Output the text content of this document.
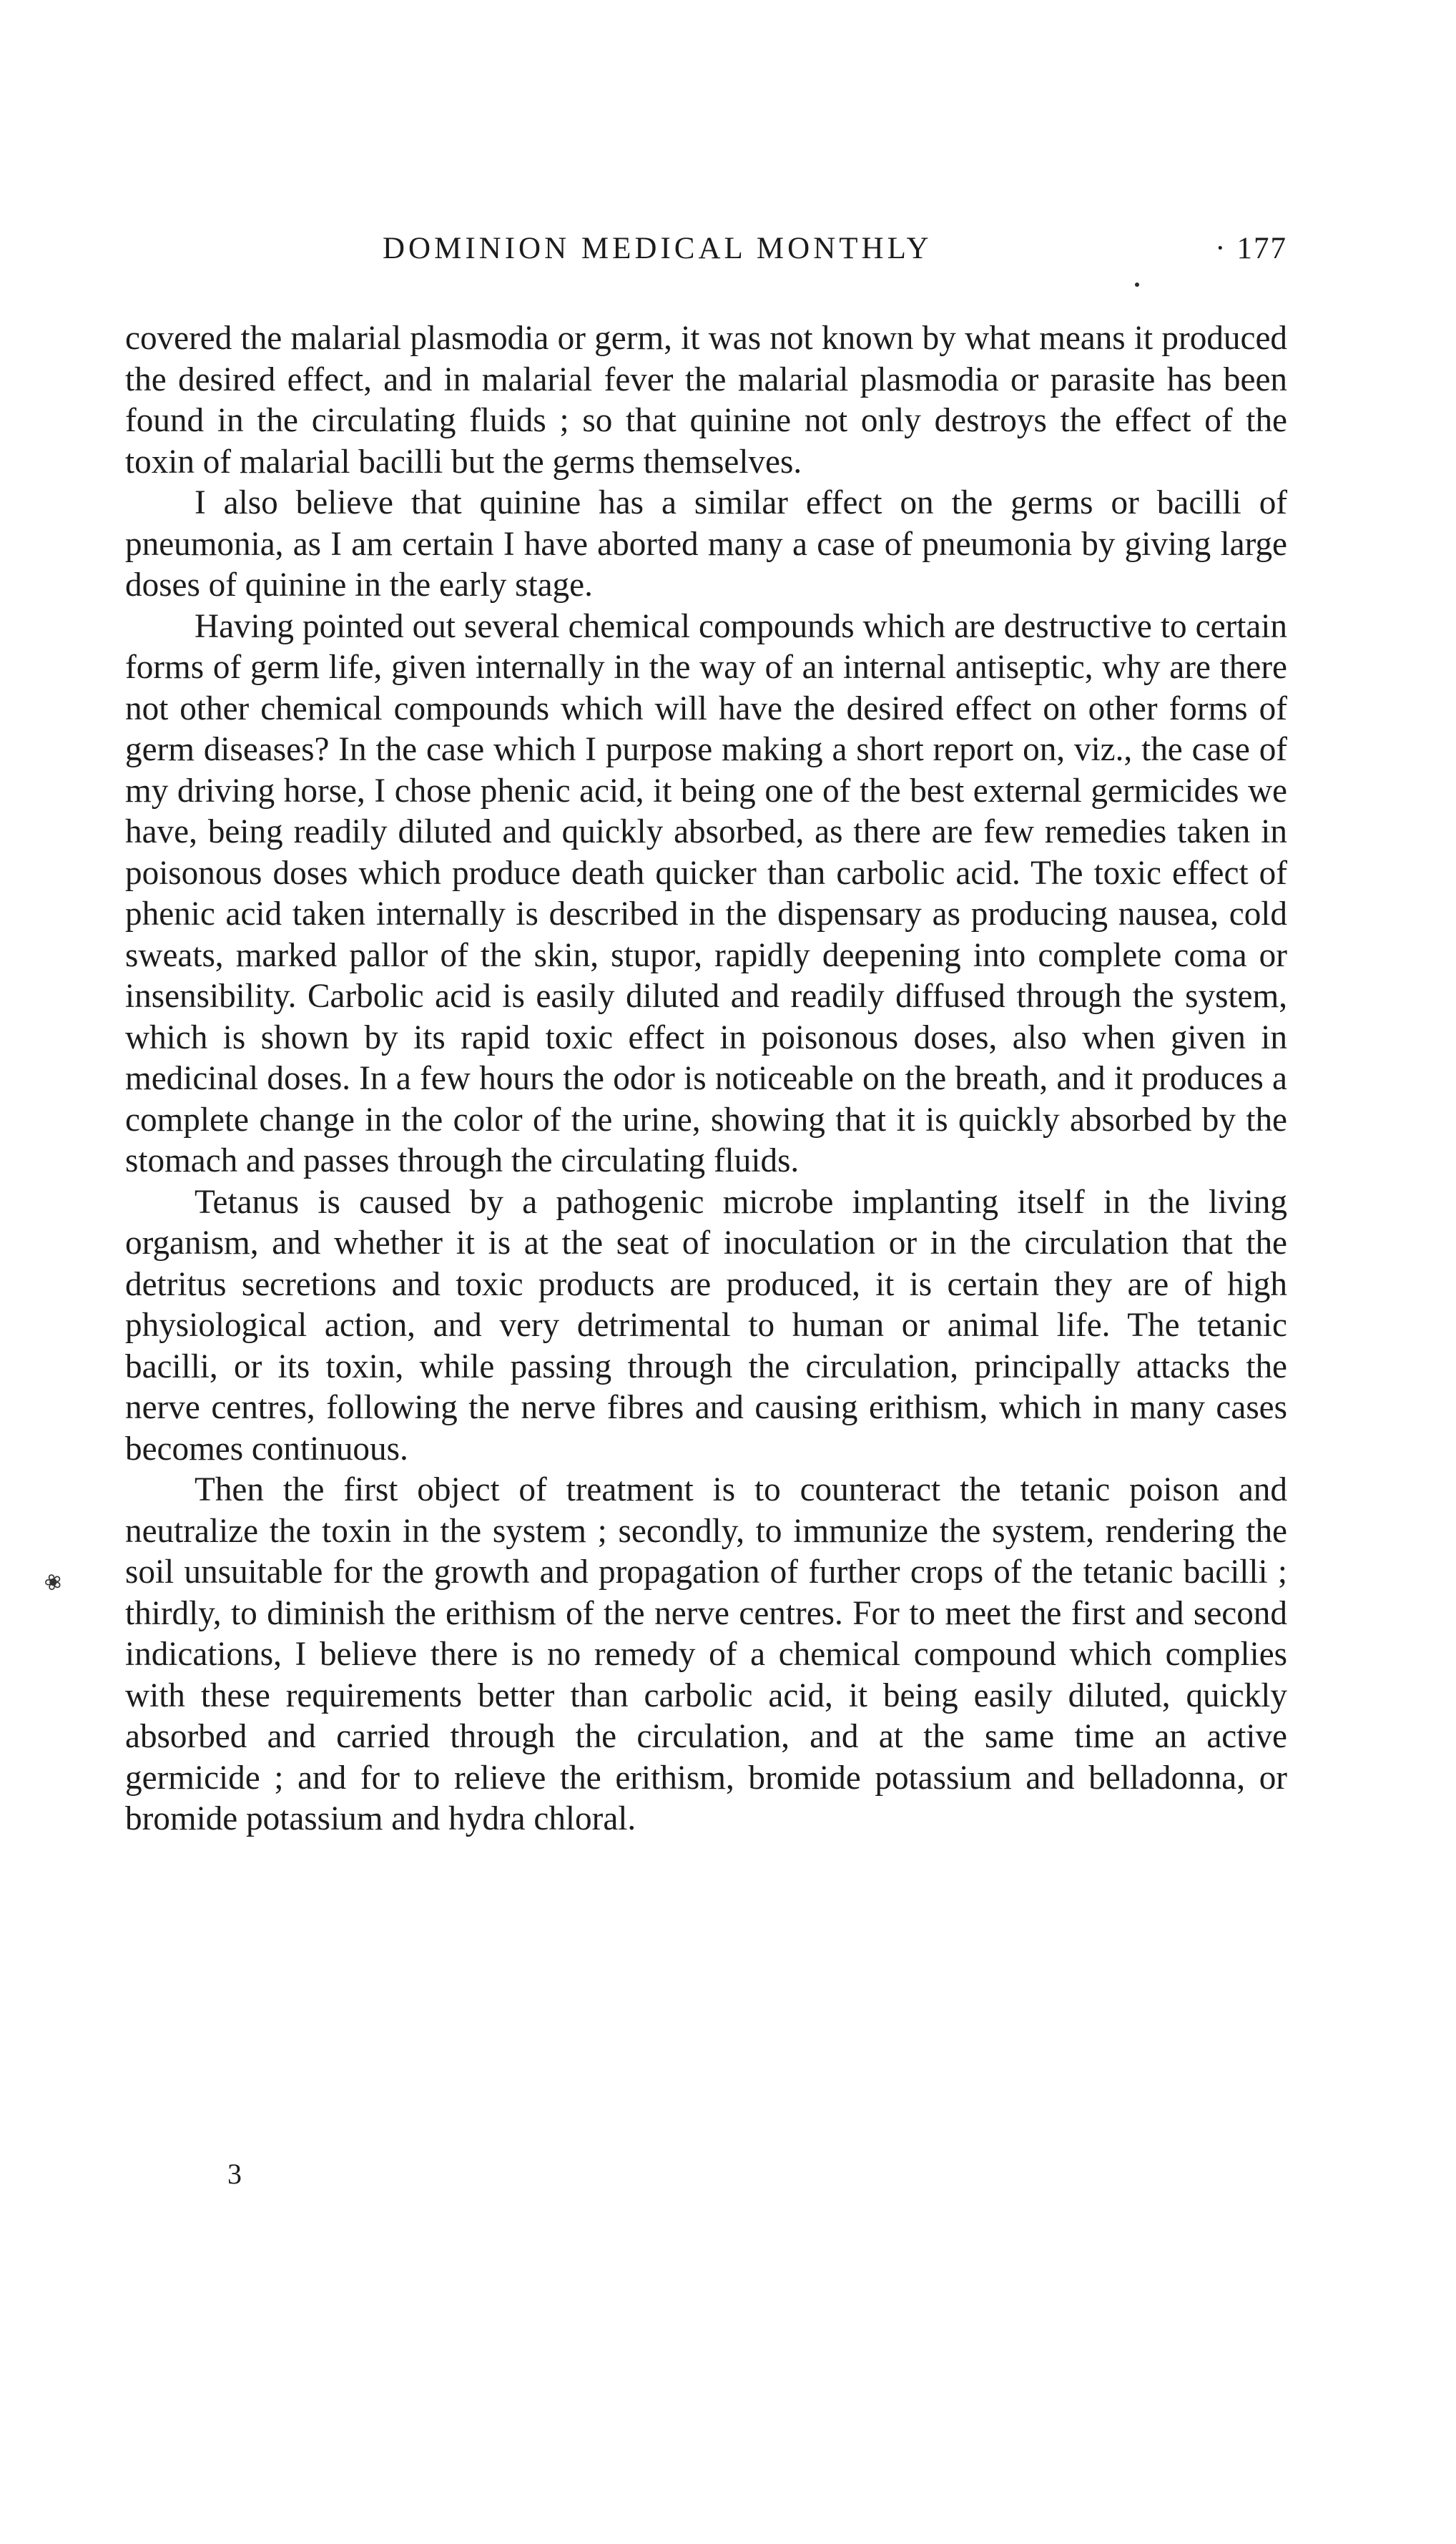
DOMINION MEDICAL MONTHLY	· 177

covered the malarial plasmodia or germ, it was not known by what means it produced the desired effect, and in malarial fever the malarial plasmodia or parasite has been found in the circulating fluids ; so that quinine not only destroys the effect of the toxin of malarial bacilli but the germs themselves.

I also believe that quinine has a similar effect on the germs or bacilli of pneumonia, as I am certain I have aborted many a case of pneumonia by giving large doses of quinine in the early stage.

Having pointed out several chemical compounds which are destructive to certain forms of germ life, given internally in the way of an internal antiseptic, why are there not other chemical compounds which will have the desired effect on other forms of germ diseases? In the case which I purpose making a short report on, viz., the case of my driving horse, I chose phenic acid, it being one of the best external germicides we have, being readily diluted and quickly absorbed, as there are few remedies taken in poisonous doses which produce death quicker than carbolic acid. The toxic effect of phenic acid taken internally is described in the dispensary as producing nausea, cold sweats, marked pallor of the skin, stupor, rapidly deepening into complete coma or insensibility. Carbolic acid is easily diluted and readily diffused through the system, which is shown by its rapid toxic effect in poisonous doses, also when given in medicinal doses. In a few hours the odor is noticeable on the breath, and it produces a complete change in the color of the urine, showing that it is quickly absorbed by the stomach and passes through the circulating fluids.

Tetanus is caused by a pathogenic microbe implanting itself in the living organism, and whether it is at the seat of inoculation or in the circulation that the detritus secretions and toxic products are produced, it is certain they are of high physiological action, and very detrimental to human or animal life. The tetanic bacilli, or its toxin, while passing through the circulation, principally attacks the nerve centres, following the nerve fibres and causing erithism, which in many cases becomes continuous.

Then the first object of treatment is to counteract the tetanic poison and neutralize the toxin in the system ; secondly, to immunize the system, rendering the soil unsuitable for the growth and propagation of further crops of the tetanic bacilli ; thirdly, to diminish the erithism of the nerve centres. For to meet the first and second indications, I believe there is no remedy of a chemical compound which complies with these requirements better than carbolic acid, it being easily diluted, quickly absorbed and carried through the circulation, and at the same time an active germicide ; and for to relieve the erithism, bromide potassium and belladonna, or bromide potassium and hydra chloral.

❀
3
